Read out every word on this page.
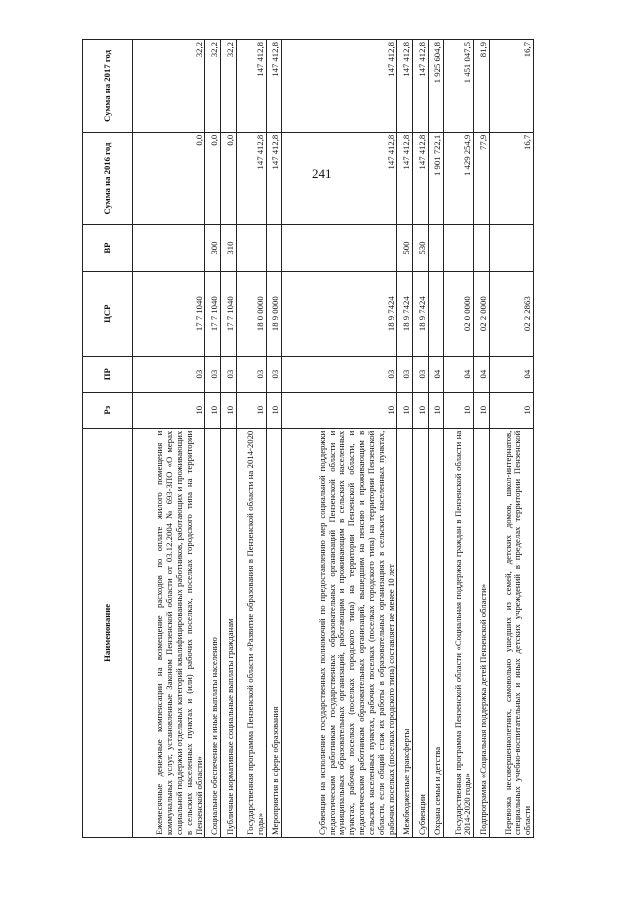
241
Наименование	Рз	ПР	ЦСР	ВР	Сумма на 2016 год	Сумма на 2017 год
Ежемесячные денежные компенсации на возмещение расходов по оплате жилого помещения и коммунальных услуг, установленные Законом Пензенской области от 03.12.2004 № 693-ЗПО «О мерах социальной поддержки отдельных категорий квалифицированных работников, работающих и проживающих в сельских населенных пунктах и (или) рабочих поселках, поселках городского типа на территории Пензенской области»	10	03	17 7 1040		0,0	32,2
Социальное обеспечение и иные выплаты населению	10	03	17 7 1040	300	0,0	32,2
Публичные нормативные социальные выплаты гражданам	10	03	17 7 1040	310	0,0	32,2
Государственная программа Пензенской области «Развитие образования в Пензенской области на 2014-2020 годы»	10	03	18 0 0000		147 412,8	147 412,8
Мероприятия в сфере образования	10	03	18 9 0000		147 412,8	147 412,8
Субвенции на исполнение государственных полномочий по предоставлению мер социальной поддержки педагогическим работникам государственных образовательных организаций Пензенской области и муниципальных образовательных организаций, работающим и проживающим в сельских населенных пунктах, рабочих поселках (поселках городского типа) на территории Пензенской области, и педагогическим работникам образовательных организаций, вышедшим на пенсию и проживающим в сельских населенных пунктах, рабочих поселках (поселках городского типа) на территории Пензенской области, если общий стаж их работы в образовательных организациях в сельских населенных пунктах, рабочих поселках (поселках городского типа) составляет не менее 10 лет	10	03	18 9 7424		147 412,8	147 412,8
Межбюджетные трансферты	10	03	18 9 7424	500	147 412,8	147 412,8
Субвенции	10	03	18 9 7424	530	147 412,8	147 412,8
Охрана семьи и детства	10	04			1 901 722,1	1 925 604,8
Государственная программа Пензенской области «Социальная поддержка граждан в Пензенской области на 2014-2020 годы»	10	04	02 0 0000		1 429 254,9	1 451 047,5
Подпрограмма «Социальная поддержка детей Пензенской области»	10	04	02 2 0000		77,9	81,9
Перевозка несовершеннолетних, самовольно ушедших из семей, детских домов, школ-интернатов, специальных учебно-воспитательных и иных детских учреждений в пределах территории Пензенской области	10	04	02 2 2863		16,7	16,7
